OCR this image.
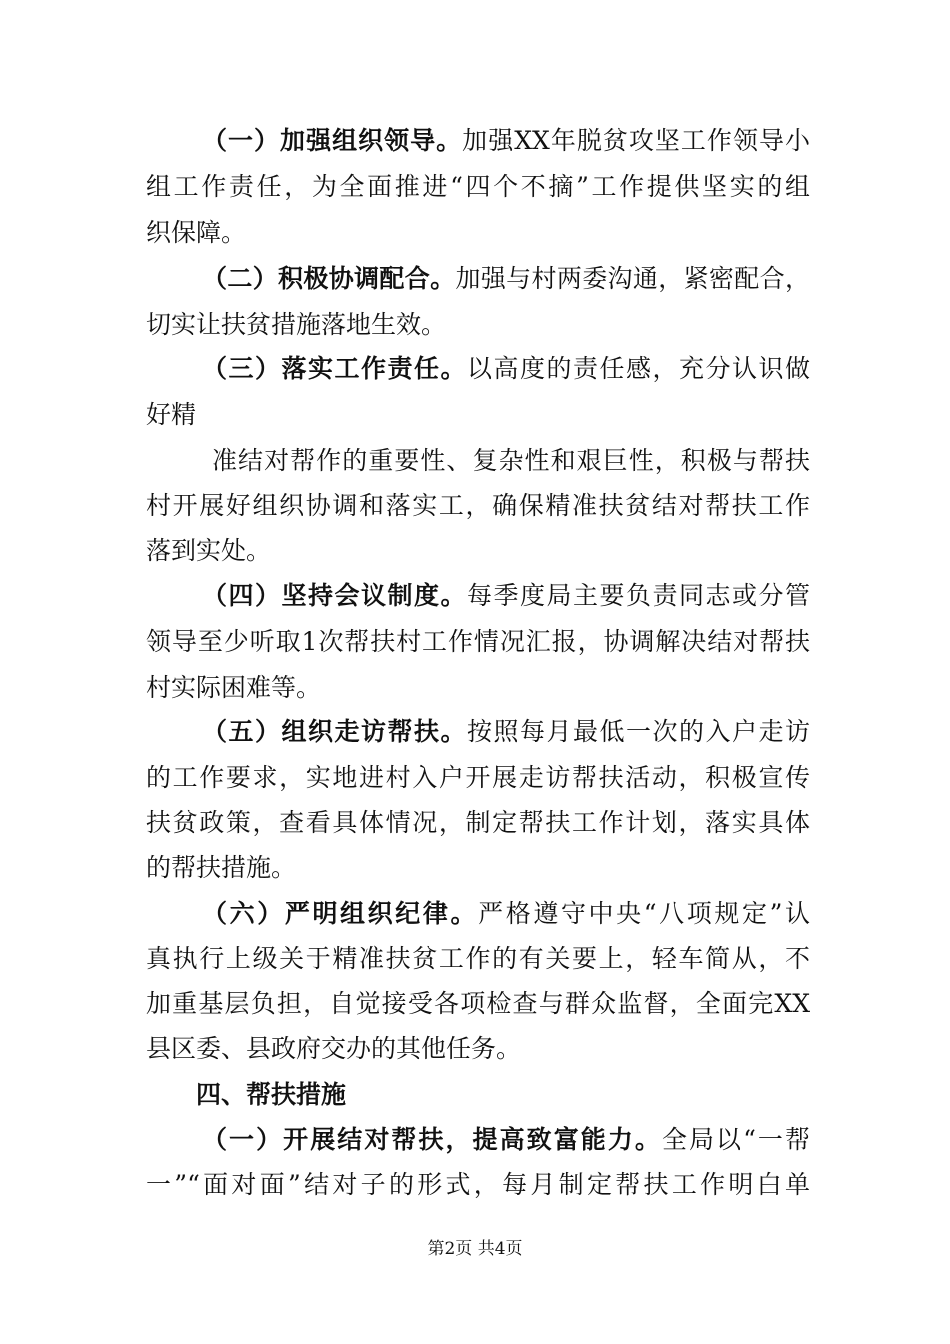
（一）加强组织领导。加强XX年脱贫攻坚工作领导小
组工作责任，为全面推进“四个不摘”工作提供坚实的组
织保障。
（二）积极协调配合。加强与村两委沟通，紧密配合，
切实让扶贫措施落地生效。
（三）落实工作责任。以高度的责任感，充分认识做
好精
准结对帮作的重要性、复杂性和艰巨性，积极与帮扶
村开展好组织协调和落实工，确保精准扶贫结对帮扶工作
落到实处。
（四）坚持会议制度。每季度局主要负责同志或分管
领导至少听取1次帮扶村工作情况汇报，协调解决结对帮扶
村实际困难等。
（五）组织走访帮扶。按照每月最低一次的入户走访
的工作要求，实地进村入户开展走访帮扶活动，积极宣传
扶贫政策，查看具体情况，制定帮扶工作计划，落实具体
的帮扶措施。
（六）严明组织纪律。严格遵守中央“八项规定”认
真执行上级关于精准扶贫工作的有关要上，轻车简从，不
加重基层负担，自觉接受各项检查与群众监督，全面完XX
县区委、县政府交办的其他任务。
四、帮扶措施
（一）开展结对帮扶，提高致富能力。全局以“一帮
一”“面对面”结对子的形式，每月制定帮扶工作明白单
第2页 共4页
